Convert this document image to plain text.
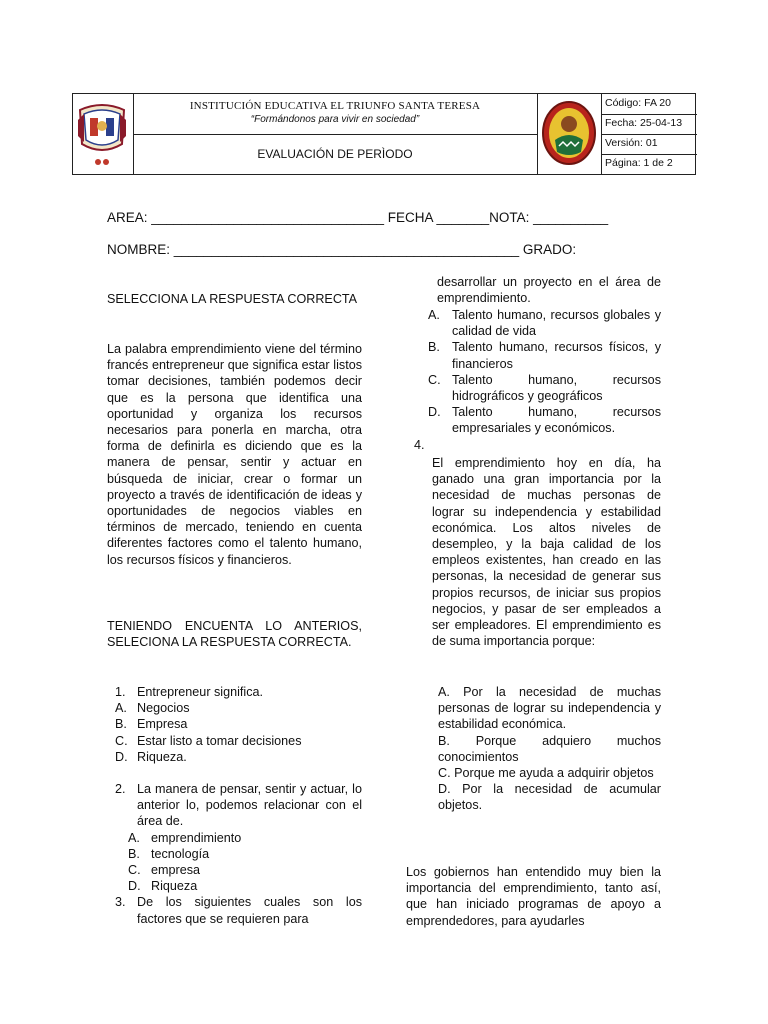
INSTITUCIÓN EDUCATIVA EL TRIUNFO SANTA TERESA
“Formándonos para vivir en sociedad”
EVALUACIÓN DE PERÌODO
Código: FA 20
Fecha: 25-04-13
Versión: 01
Página: 1 de 2
AREA: _______________________________ FECHA _______NOTA: __________
NOMBRE: ______________________________________________ GRADO:

SELECCIONA LA RESPUESTA CORRECTA

La palabra emprendimiento viene del término francés entrepreneur que significa estar listos tomar decisiones, también podemos decir que es la persona que identifica una oportunidad y organiza los recursos necesarios para ponerla en marcha, otra forma de definirla es diciendo que es la manera de pensar, sentir y actuar en búsqueda de iniciar, crear o formar un proyecto a través de identificación de ideas y oportunidades de negocios viables en términos de mercado, teniendo en cuenta diferentes factores como el talento humano, los recursos físicos y financieros.
TENIENDO ENCUENTA LO ANTERIOS, SELECIONA LA RESPUESTA CORRECTA.
1. Entrepreneur significa.
A. Negocios
B. Empresa
C. Estar listo a tomar decisiones
D. Riqueza.
2. La manera de pensar, sentir y actuar, lo anterior lo, podemos relacionar con el área de.
A. emprendimiento
B. tecnología
C. empresa
D. Riqueza
3. De los siguientes cuales son los factores que se requieren para
desarrollar un proyecto en el área de emprendimiento.
A. Talento humano, recursos globales y calidad de vida
B. Talento humano, recursos físicos, y financieros
C. Talento humano, recursos hidrográficos y geográficos
D. Talento humano, recursos empresariales y económicos.
4.
El emprendimiento hoy en día, ha ganado una gran importancia por la necesidad de muchas personas de lograr su independencia y estabilidad económica. Los altos niveles de desempleo, y la baja calidad de los empleos existentes, han creado en las personas, la necesidad de generar sus propios recursos, de iniciar sus propios negocios, y pasar de ser empleados a ser empleadores. El emprendimiento es de suma importancia porque:

A. Por la necesidad de muchas personas de lograr su independencia y estabilidad económica.

B. Porque adquiero muchos conocimientos

C. Porque me ayuda a adquirir objetos

D. Por la necesidad de acumular objetos.

Los gobiernos han entendido muy bien la importancia del emprendimiento, tanto así, que han iniciado programas de apoyo a emprendedores, para ayudarles
